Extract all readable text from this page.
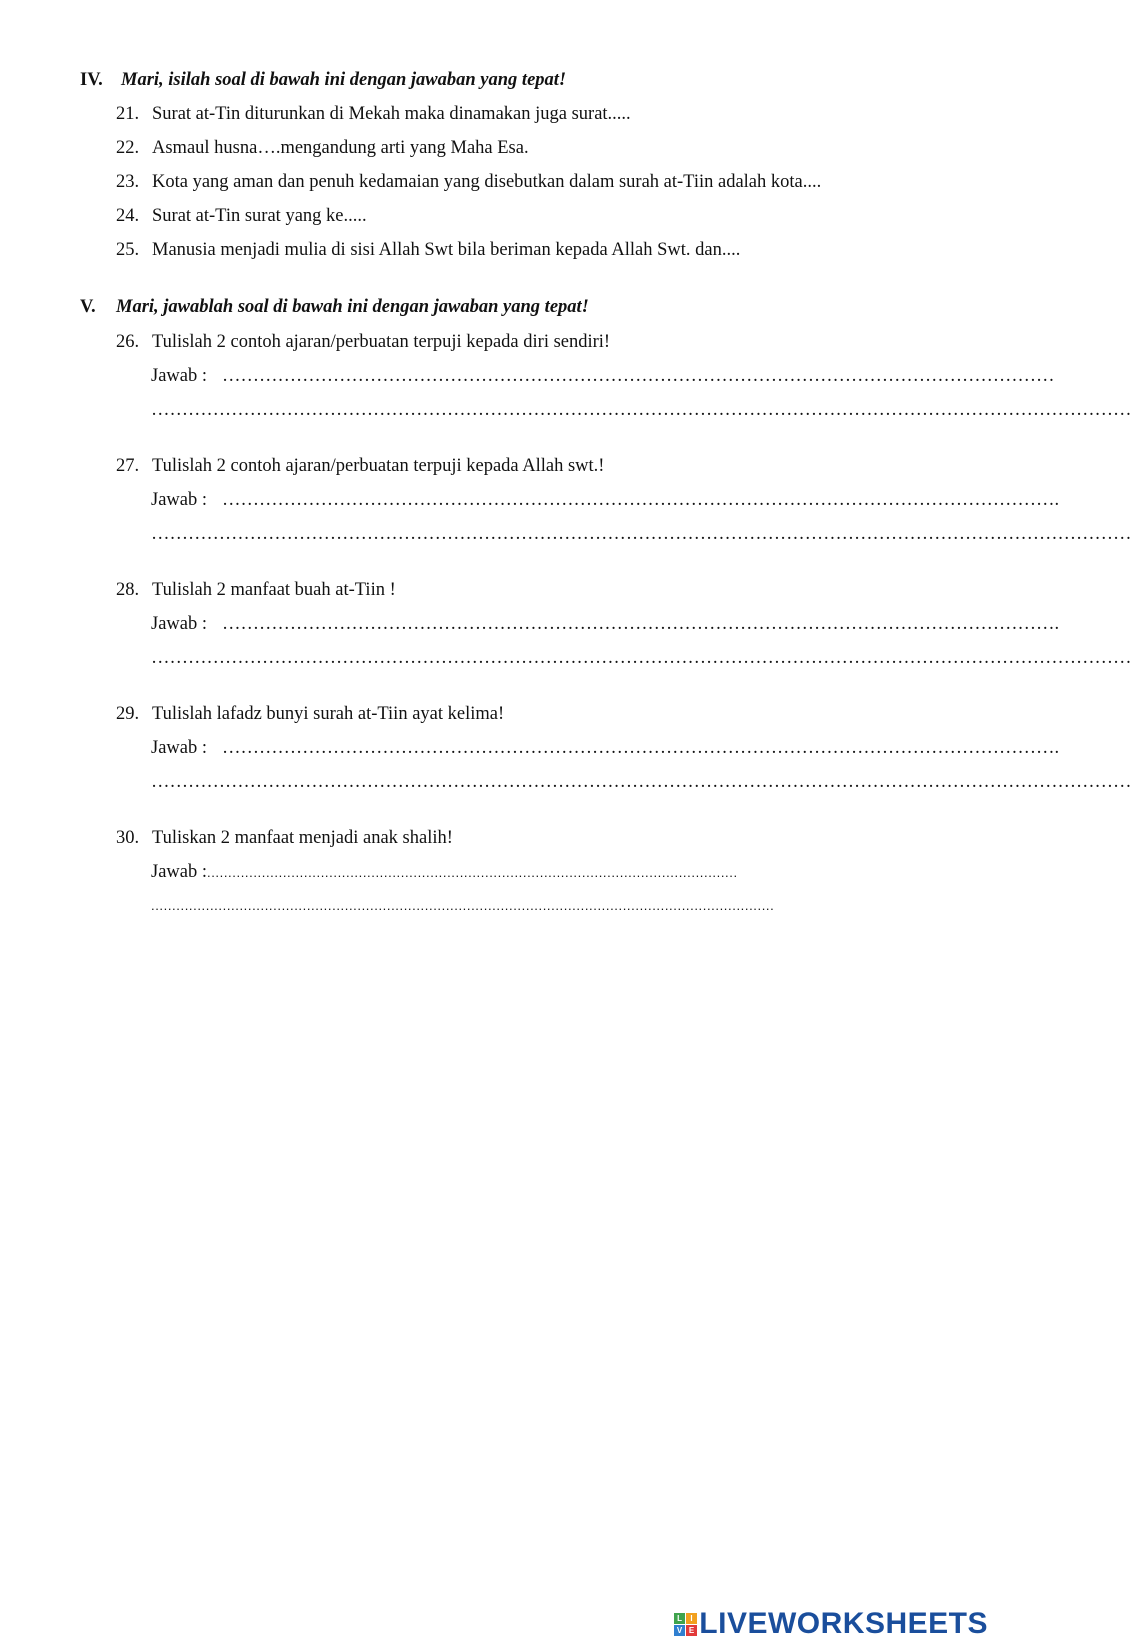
IV. Mari, isilah soal di bawah ini dengan jawaban yang tepat!
21. Surat at-Tin diturunkan di Mekah maka dinamakan juga surat.....
22. Asmaul husna….mengandung arti yang Maha Esa.
23. Kota yang aman dan penuh kedamaian yang disebutkan dalam surah at-Tiin adalah kota....
24. Surat at-Tin surat yang ke.....
25. Manusia menjadi mulia di sisi Allah Swt bila beriman kepada Allah Swt. dan....
V. Mari, jawablah soal di bawah ini dengan jawaban yang tepat!
26. Tulislah 2 contoh ajaran/perbuatan terpuji kepada diri sendiri!
Jawab : ………………………………………………………………………………………………………………………
……………………………………………………………………………………………………………………………………………
27. Tulislah 2 contoh ajaran/perbuatan terpuji kepada Allah swt.!
Jawab : ……………………………………………………………………………………………………………………….
……………………………………………………………………………………………………………………………………………
28. Tulislah 2 manfaat buah at-Tiin !
Jawab : ……………………………………………………………………………………………………………………….
……………………………………………………………………………………………………………………………………………
29. Tulislah lafadz bunyi surah at-Tiin ayat kelima!
Jawab : ……………………………………………………………………………………………………………………….
……………………………………………………………………………………………………………………………………………
30. Tuliskan 2 manfaat menjadi anak shalih!
Jawab :..............................................................................................................................
....................................................................................................................................................
L I
V E LIVEWORKSHEETS
